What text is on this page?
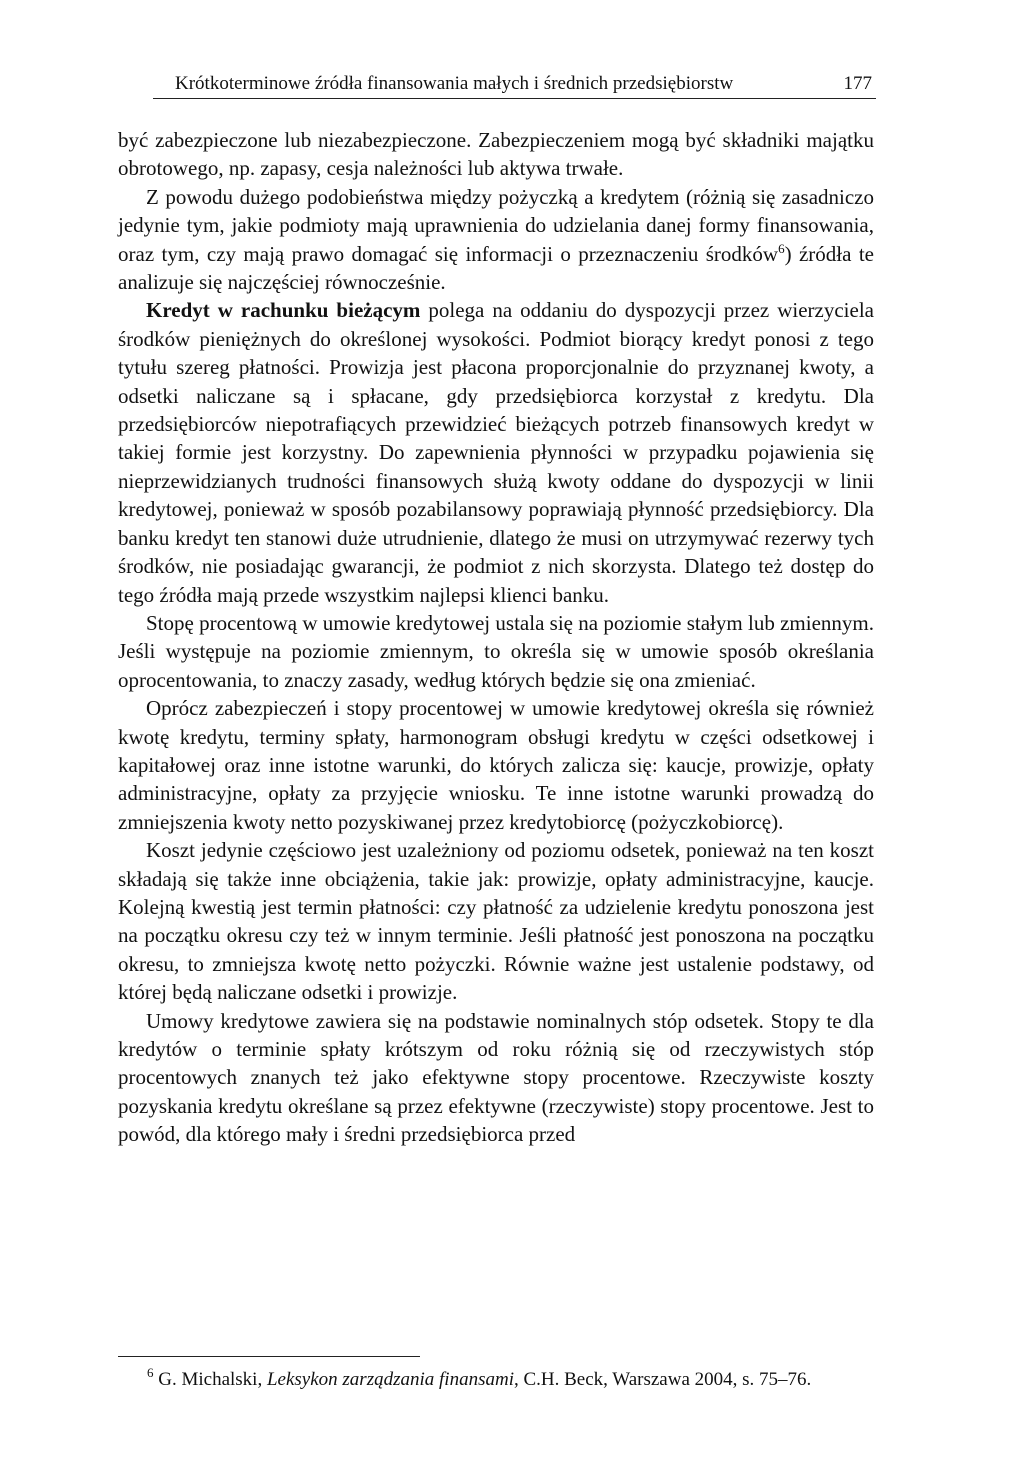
Krótkoterminowe źródła finansowania małych i średnich przedsiębiorstw	177

być zabezpieczone lub niezabezpieczone. Zabezpieczeniem mogą być składniki majątku obrotowego, np. zapasy, cesja należności lub aktywa trwałe.

Z powodu dużego podobieństwa między pożyczką a kredytem (różnią się zasadniczo jedynie tym, jakie podmioty mają uprawnienia do udzielania danej formy finansowania, oraz tym, czy mają prawo domagać się informacji o przeznaczeniu środków$^6$) źródła te analizuje się najczęściej równocześnie.

Kredyt w rachunku bieżącym polega na oddaniu do dyspozycji przez wierzyciela środków pieniężnych do określonej wysokości. Podmiot biorący kredyt ponosi z tego tytułu szereg płatności. Prowizja jest płacona proporcjonalnie do przyznanej kwoty, a odsetki naliczane są i spłacane, gdy przedsiębiorca korzystał z kredytu. Dla przedsiębiorców niepotrafiących przewidzieć bieżących potrzeb finansowych kredyt w takiej formie jest korzystny. Do zapewnienia płynności w przypadku pojawienia się nieprzewidzianych trudności finansowych służą kwoty oddane do dyspozycji w linii kredytowej, ponieważ w sposób pozabilansowy poprawiają płynność przedsiębiorcy. Dla banku kredyt ten stanowi duże utrudnienie, dlatego że musi on utrzymywać rezerwy tych środków, nie posiadając gwarancji, że podmiot z nich skorzysta. Dlatego też dostęp do tego źródła mają przede wszystkim najlepsi klienci banku.

Stopę procentową w umowie kredytowej ustala się na poziomie stałym lub zmiennym. Jeśli występuje na poziomie zmiennym, to określa się w umowie sposób określania oprocentowania, to znaczy zasady, według których będzie się ona zmieniać.

Oprócz zabezpieczeń i stopy procentowej w umowie kredytowej określa się również kwotę kredytu, terminy spłaty, harmonogram obsługi kredytu w części odsetkowej i kapitałowej oraz inne istotne warunki, do których zalicza się: kaucje, prowizje, opłaty administracyjne, opłaty za przyjęcie wniosku. Te inne istotne warunki prowadzą do zmniejszenia kwoty netto pozyskiwanej przez kredytobiorcę (pożyczkobiorcę).

Koszt jedynie częściowo jest uzależniony od poziomu odsetek, ponieważ na ten koszt składają się także inne obciążenia, takie jak: prowizje, opłaty administracyjne, kaucje. Kolejną kwestią jest termin płatności: czy płatność za udzielenie kredytu ponoszona jest na początku okresu czy też w innym terminie. Jeśli płatność jest ponoszona na początku okresu, to zmniejsza kwotę netto pożyczki. Równie ważne jest ustalenie podstawy, od której będą naliczane odsetki i prowizje.

Umowy kredytowe zawiera się na podstawie nominalnych stóp odsetek. Stopy te dla kredytów o terminie spłaty krótszym od roku różnią się od rzeczywistych stóp procentowych znanych też jako efektywne stopy procentowe. Rzeczywiste koszty pozyskania kredytu określane są przez efektywne (rzeczywiste) stopy procentowe. Jest to powód, dla którego mały i średni przedsiębiorca przed

$^6$ G. Michalski, Leksykon zarządzania finansami, C.H. Beck, Warszawa 2004, s. 75–76.
